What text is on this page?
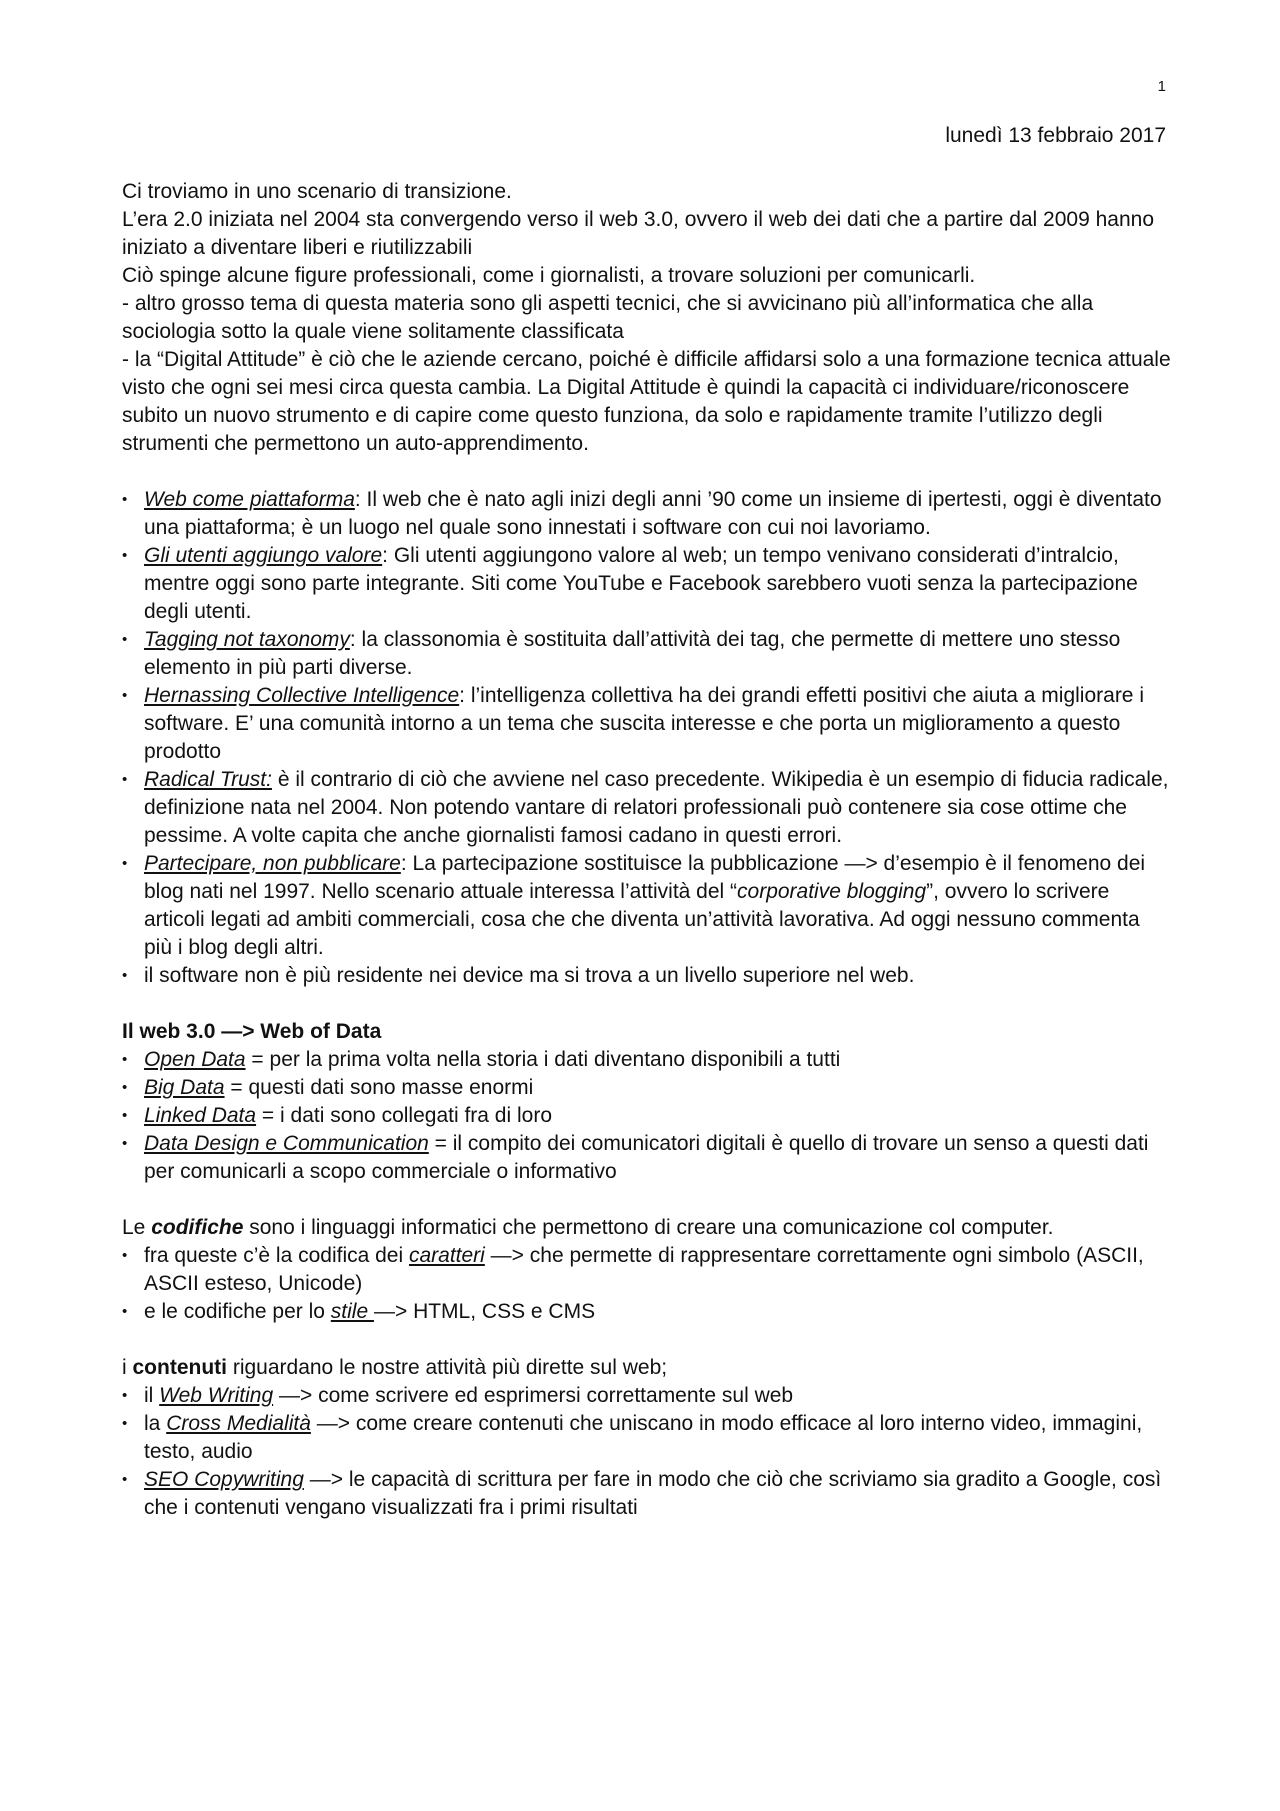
1
lunedì 13 febbraio 2017

Ci troviamo in uno scenario di transizione.

L’era 2.0 iniziata nel 2004 sta convergendo verso il web 3.0, ovvero il web dei dati che a partire dal 2009 hanno iniziato a diventare liberi e riutilizzabili

Ciò spinge alcune figure professionali, come i giornalisti, a trovare soluzioni per comunicarli.

- altro grosso tema di questa materia sono gli aspetti tecnici, che si avvicinano più all’informatica che alla sociologia sotto la quale viene solitamente classificata

- la “Digital Attitude” è ciò che le aziende cercano, poiché è difficile affidarsi solo a una formazione tecnica attuale visto che ogni sei mesi circa questa cambia. La Digital Attitude è quindi la capacità ci individuare/riconoscere subito un nuovo strumento e di capire come questo funziona, da solo e rapidamente tramite l’utilizzo degli strumenti che permettono un auto-apprendimento.

• Web come piattaforma: Il web che è nato agli inizi degli anni ’90 come un insieme di ipertesti, oggi è diventato una piattaforma; è un luogo nel quale sono innestati i software con cui noi lavoriamo.
• Gli utenti aggiungo valore: Gli utenti aggiungono valore al web; un tempo venivano considerati d’intralcio, mentre oggi sono parte integrante. Siti come YouTube e Facebook sarebbero vuoti senza la partecipazione degli utenti.
• Tagging not taxonomy: la classonomia è sostituita dall’attività dei tag, che permette di mettere uno stesso elemento in più parti diverse.
• Hernassing Collective Intelligence: l’intelligenza collettiva ha dei grandi effetti positivi che aiuta a migliorare i software. E’ una comunità intorno a un tema che suscita interesse e che porta un miglioramento a questo prodotto
• Radical Trust: è il contrario di ciò che avviene nel caso precedente. Wikipedia è un esempio di fiducia radicale, definizione nata nel 2004. Non potendo vantare di relatori professionali può contenere sia cose ottime che pessime. A volte capita che anche giornalisti famosi cadano in questi errori.
• Partecipare, non pubblicare: La partecipazione sostituisce la pubblicazione —> d’esempio è il fenomeno dei blog nati nel 1997. Nello scenario attuale interessa l’attività del “corporative blogging”, ovvero lo scrivere articoli legati ad ambiti commerciali, cosa che che diventa un’attività lavorativa. Ad oggi nessuno commenta più i blog degli altri.
• il software non è più residente nei device ma si trova a un livello superiore nel web.

Il web 3.0 —> Web of Data

• Open Data = per la prima volta nella storia i dati diventano disponibili a tutti
• Big Data = questi dati sono masse enormi
• Linked Data = i dati sono collegati fra di loro
• Data Design e Communication = il compito dei comunicatori digitali è quello di trovare un senso a questi dati per comunicarli a scopo commerciale o informativo

Le codifiche sono i linguaggi informatici che permettono di creare una comunicazione col computer.

• fra queste c’è la codifica dei caratteri —> che permette di rappresentare correttamente ogni simbolo (ASCII, ASCII esteso, Unicode)
• e le codifiche per lo stile —> HTML, CSS e CMS

i contenuti riguardano le nostre attività più dirette sul web;

• il Web Writing —> come scrivere ed esprimersi correttamente sul web
• la Cross Medialità —> come creare contenuti che uniscano in modo efficace al loro interno video, immagini, testo, audio
• SEO Copywriting —> le capacità di scrittura per fare in modo che ciò che scriviamo sia gradito a Google, così che i contenuti vengano visualizzati fra i primi risultati
